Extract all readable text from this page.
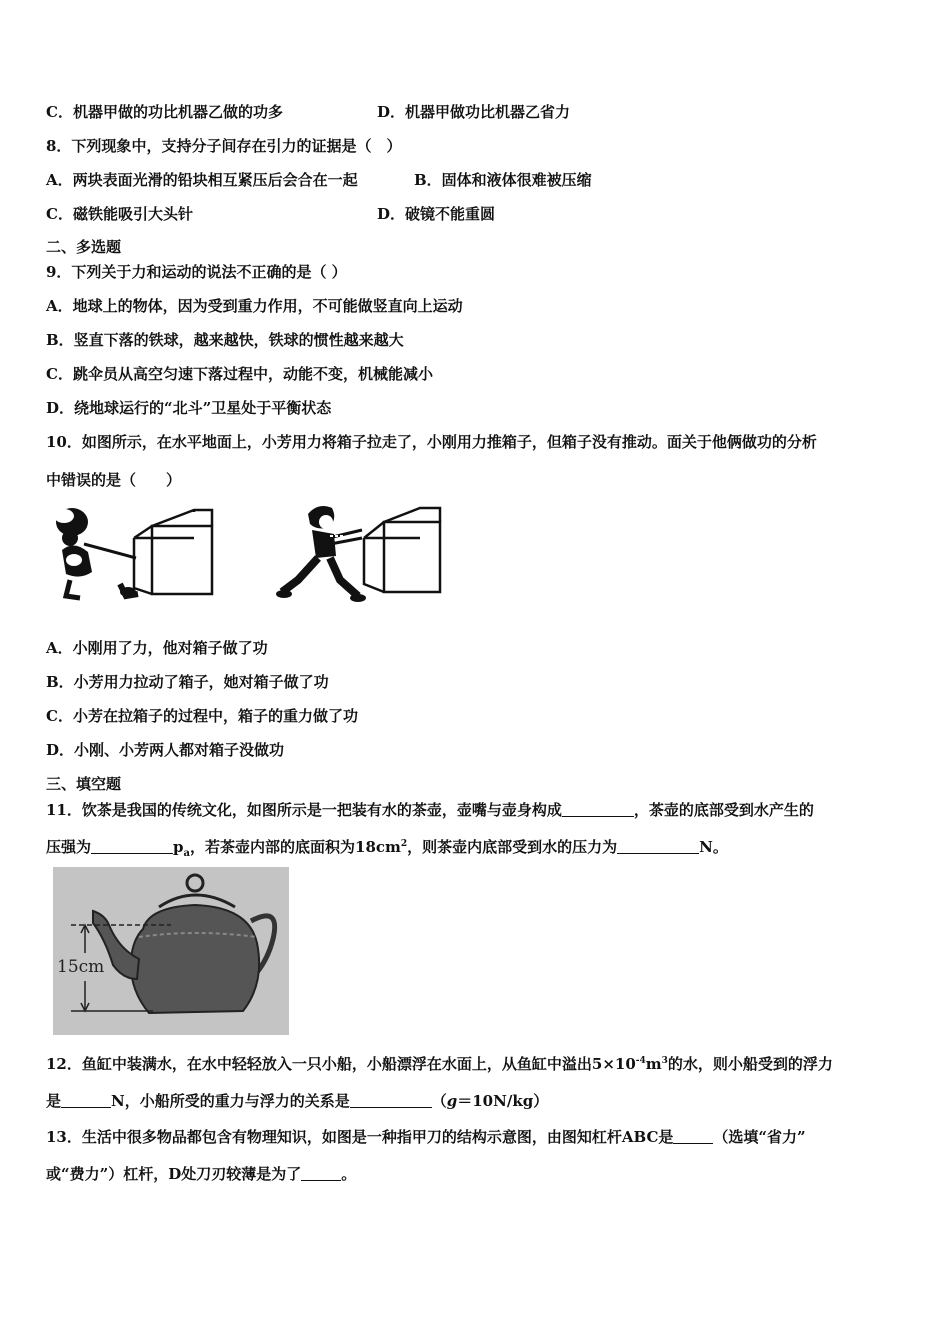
C．机器甲做的功比机器乙做的功多	D．机器甲做功比机器乙省力
8．下列现象中，支持分子间存在引力的证据是（　）
A．两块表面光滑的铅块相互紧压后会合在一起	B．固体和液体很难被压缩
C．磁铁能吸引大头针	D．破镜不能重圆
二、多选题
9．下列关于力和运动的说法不正确的是（ ）
A．地球上的物体，因为受到重力作用，不可能做竖直向上运动
B．竖直下落的铁球，越来越快，铁球的惯性越来越大
C．跳伞员从高空匀速下落过程中，动能不变，机械能减小
D．绕地球运行的“北斗”卫星处于平衡状态
10．如图所示，在水平地面上，小芳用力将箱子拉走了，小刚用力推箱子，但箱子没有推动。面关于他俩做功的分析
中错误的是（　　）
A．小刚用了力，他对箱子做了功
B．小芳用力拉动了箱子，她对箱子做了功
C．小芳在拉箱子的过程中，箱子的重力做了功
D．小刚、小芳两人都对箱子没做功
三、填空题
11．饮茶是我国的传统文化，如图所示是一把装有水的茶壶，壶嘴与壶身构成	，茶壶的底部受到水产生的
压强为	$p_a$，若茶壶内部的底面积为$18cm^2$，则茶壶内底部受到水的压力为	N。
15cm
12．鱼缸中装满水，在水中轻轻放入一只小船，小船漂浮在水面上，从鱼缸中溢出$5\times 10^{-4}m^3$的水，则小船受到的浮力
是	N，小船所受的重力与浮力的关系是	（g＝10N/kg）
13．生活中很多物品都包含有物理知识，如图是一种指甲刀的结构示意图，由图知杠杆ABC是	（选填“省力”
或“费力”）杠杆，D处刀刃较薄是为了	。
